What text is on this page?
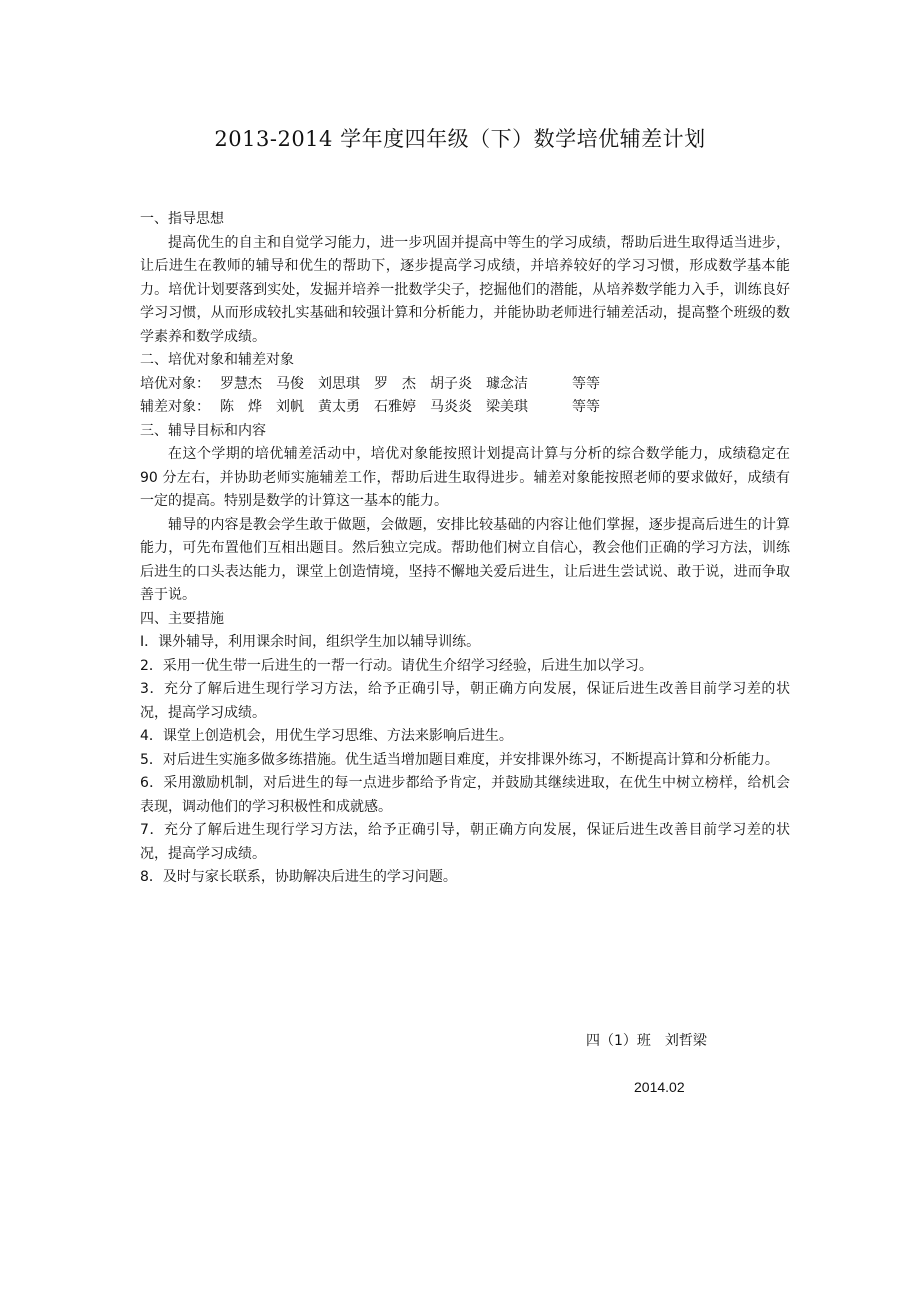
2013-2014 学年度四年级（下）数学培优辅差计划

一、指导思想

提高优生的自主和自觉学习能力，进一步巩固并提高中等生的学习成绩，帮助后进生取得适当进步，让后进生在教师的辅导和优生的帮助下，逐步提高学习成绩，并培养较好的学习习惯，形成数学基本能力。培优计划要落到实处，发掘并培养一批数学尖子，挖掘他们的潜能，从培养数学能力入手，训练良好学习习惯，从而形成较扎实基础和较强计算和分析能力，并能协助老师进行辅差活动，提高整个班级的数学素养和数学成绩。

二、培优对象和辅差对象

培优对象： 罗慧杰 马俊 刘思琪 罗　杰 胡子炎 璩念洁	等等
辅差对象： 陈　烨 刘帆 黄太勇 石雅婷 马炎炎 梁美琪	等等

三、辅导目标和内容

在这个学期的培优辅差活动中，培优对象能按照计划提高计算与分析的综合数学能力，成绩稳定在 90 分左右，并协助老师实施辅差工作，帮助后进生取得进步。辅差对象能按照老师的要求做好，成绩有一定的提高。特别是数学的计算这一基本的能力。

辅导的内容是教会学生敢于做题，会做题，安排比较基础的内容让他们掌握，逐步提高后进生的计算能力，可先布置他们互相出题目。然后独立完成。帮助他们树立自信心，教会他们正确的学习方法，训练后进生的口头表达能力，课堂上创造情境，坚持不懈地关爱后进生，让后进生尝试说、敢于说，进而争取善于说。

四、主要措施

I．课外辅导，利用课余时间，组织学生加以辅导训练。

2．采用一优生带一后进生的一帮一行动。请优生介绍学习经验，后进生加以学习。

3．充分了解后进生现行学习方法，给予正确引导，朝正确方向发展，保证后进生改善目前学习差的状况，提高学习成绩。

4．课堂上创造机会，用优生学习思维、方法来影响后进生。

5．对后进生实施多做多练措施。优生适当增加题目难度，并安排课外练习，不断提高计算和分析能力。

6．采用激励机制，对后进生的每一点进步都给予肯定，并鼓励其继续进取，在优生中树立榜样，给机会表现，调动他们的学习积极性和成就感。

7．充分了解后进生现行学习方法，给予正确引导，朝正确方向发展，保证后进生改善目前学习差的状况，提高学习成绩。

8．及时与家长联系，协助解决后进生的学习问题。

四（1）班　刘哲梁
2014.02
